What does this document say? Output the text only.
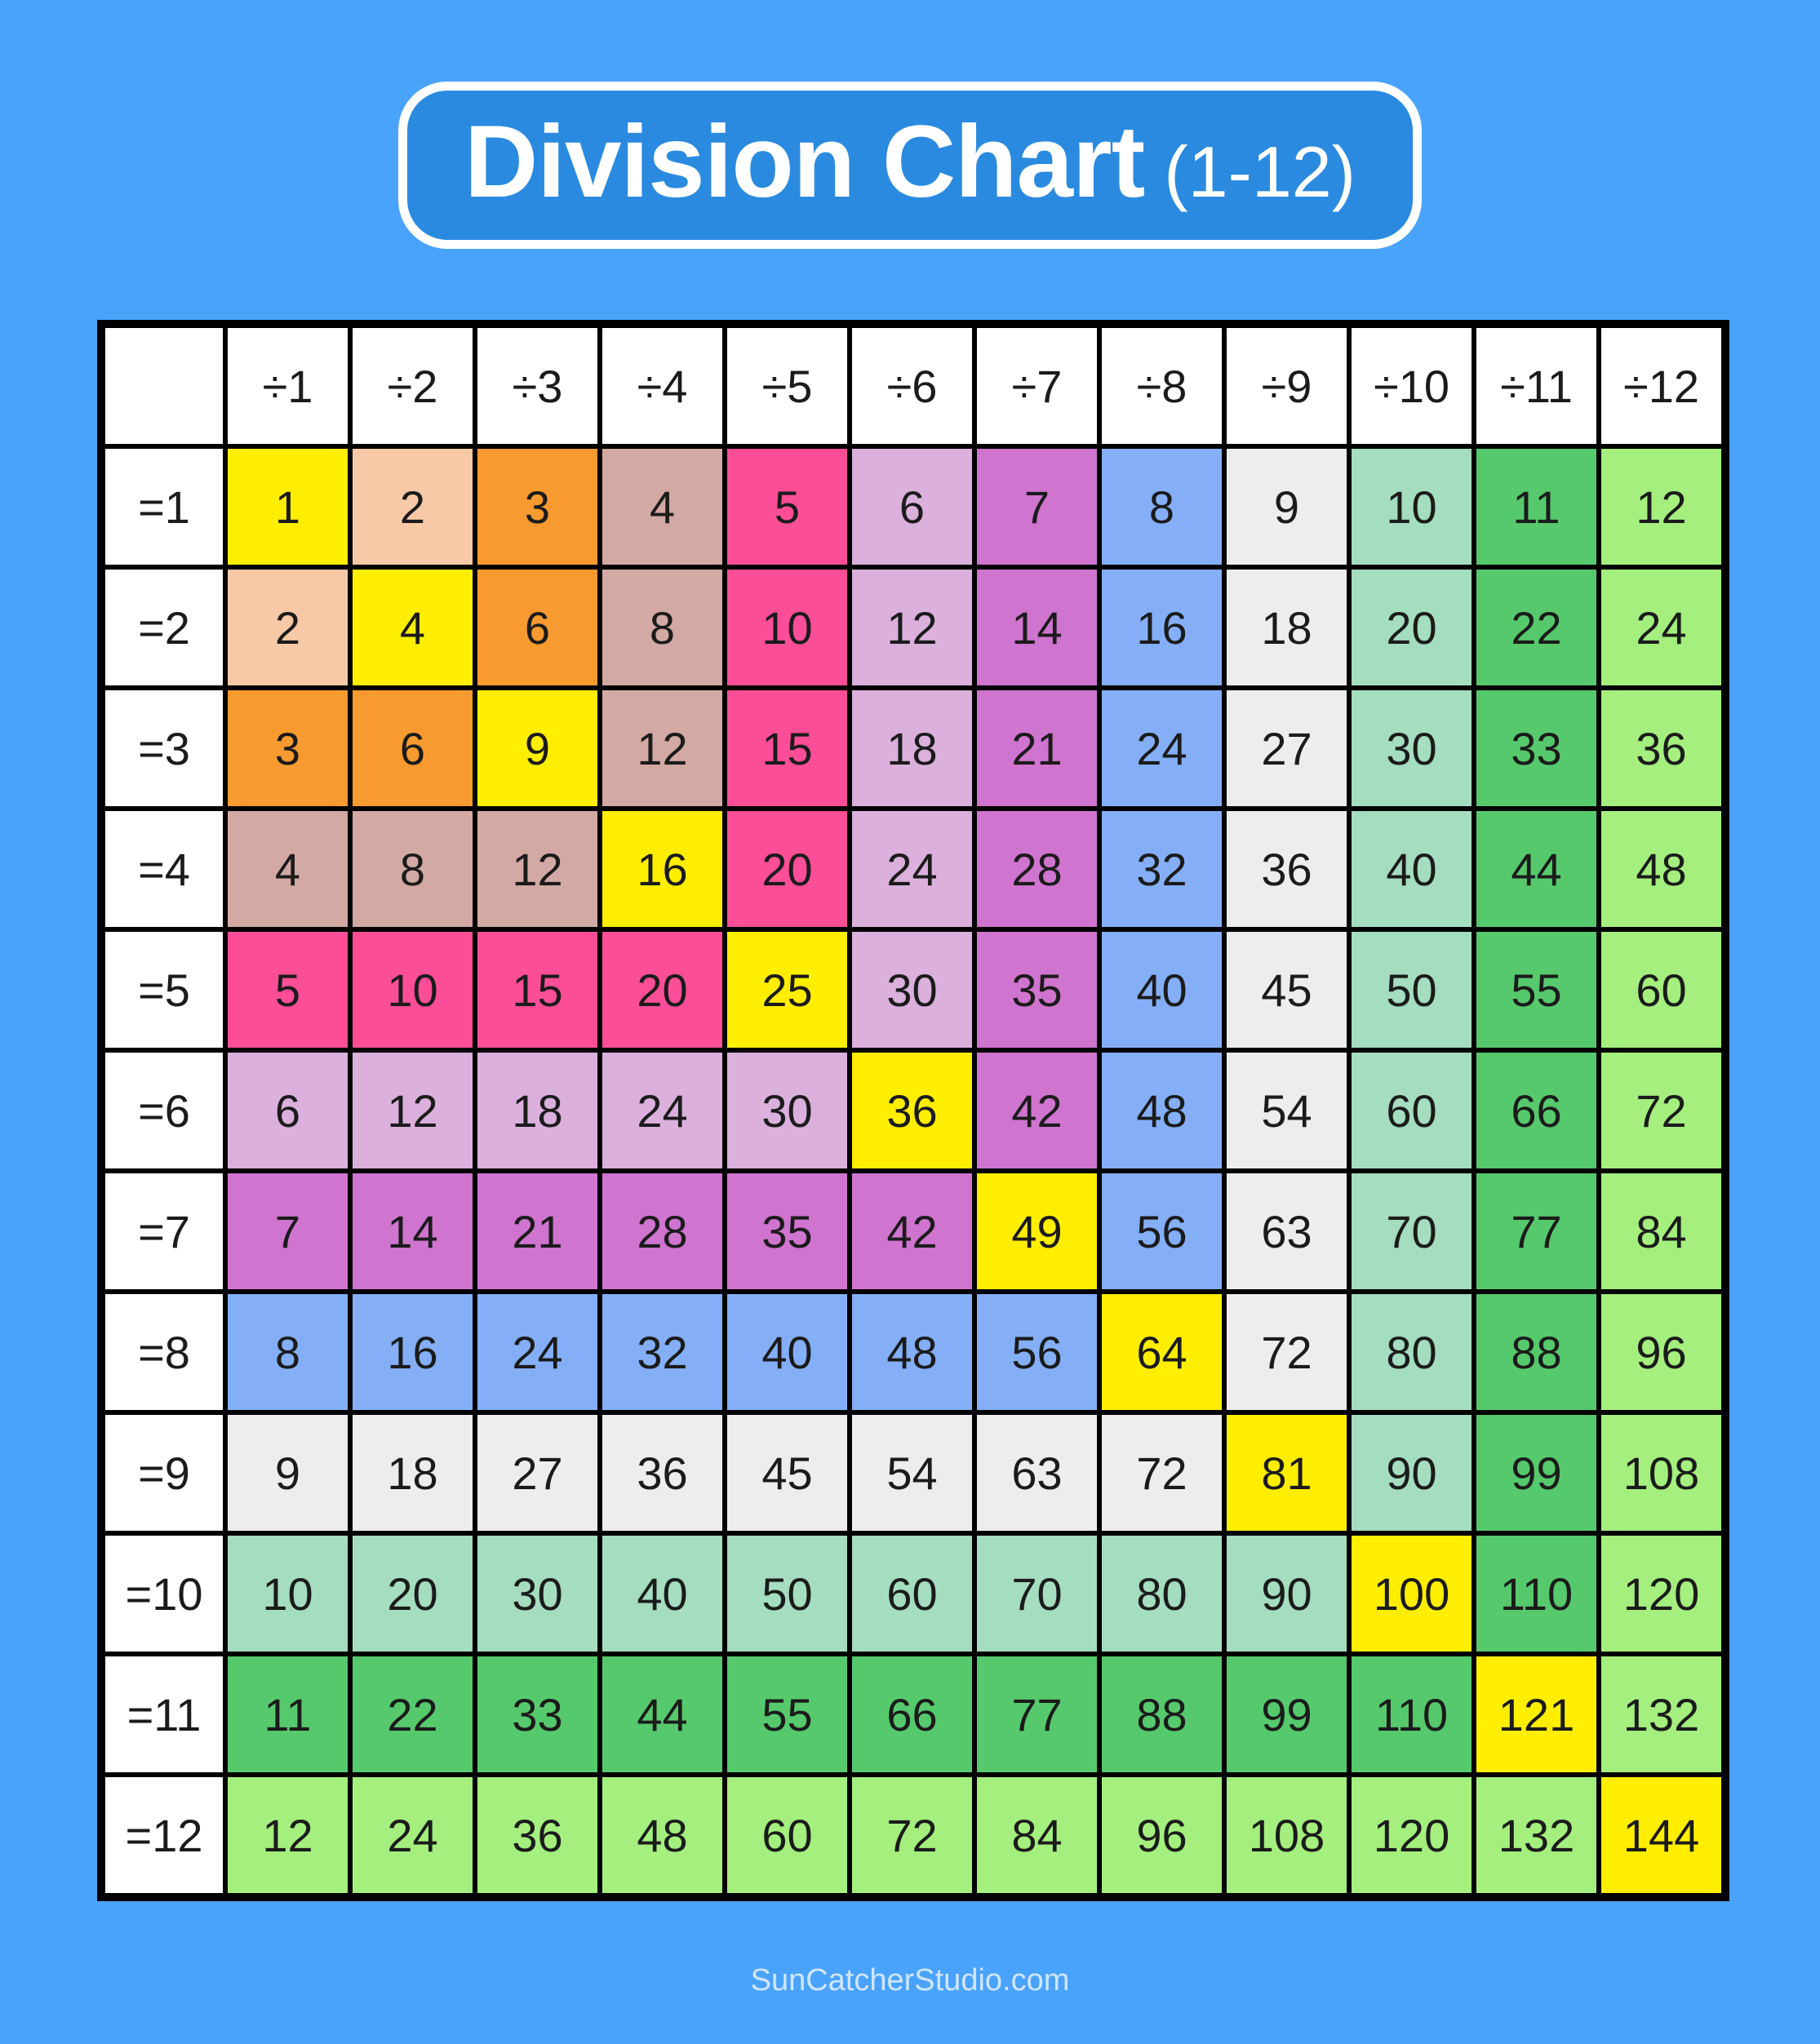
Division Chart (1-12)
	÷1	÷2	÷3	÷4	÷5	÷6	÷7	÷8	÷9	÷10	÷11	÷12
=1	1	2	3	4	5	6	7	8	9	10	11	12
=2	2	4	6	8	10	12	14	16	18	20	22	24
=3	3	6	9	12	15	18	21	24	27	30	33	36
=4	4	8	12	16	20	24	28	32	36	40	44	48
=5	5	10	15	20	25	30	35	40	45	50	55	60
=6	6	12	18	24	30	36	42	48	54	60	66	72
=7	7	14	21	28	35	42	49	56	63	70	77	84
=8	8	16	24	32	40	48	56	64	72	80	88	96
=9	9	18	27	36	45	54	63	72	81	90	99	108
=10	10	20	30	40	50	60	70	80	90	100	110	120
=11	11	22	33	44	55	66	77	88	99	110	121	132
=12	12	24	36	48	60	72	84	96	108	120	132	144
SunCatcherStudio.com
